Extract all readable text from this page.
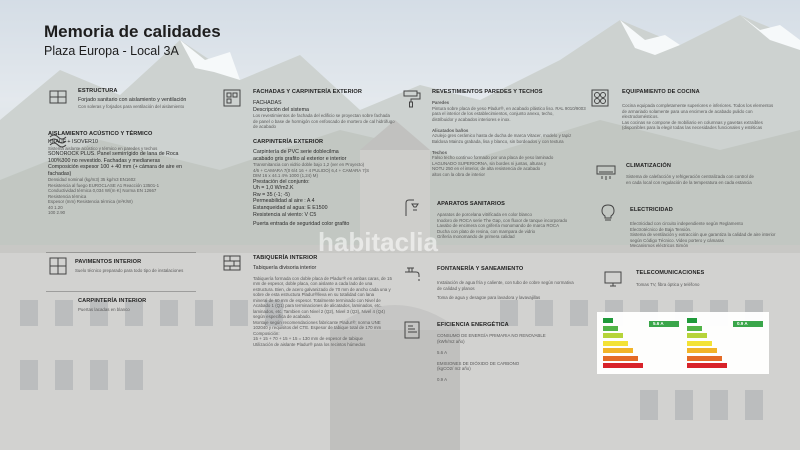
habitaclia
Memoria de calidades
Plaza Europa - Local 3A
ESTRUCTURA
Forjado sanitario con aislamiento y ventilación
Con soleras y forjados para ventilación del aislamiento
AISLAMIENTO ACÚSTICO Y TÉRMICO
KNAUF + ISOVER10
Sistema aislante acústico y térmico en paredes y techos
SONOROCK PLUS. Panel semirrígido de lana de Roca
100%300 no revestido. Fachadas y medianeras
Composición espesor 100 + 40 mm (+ cámara de aire en
fachadas)
Densidad nominal (kg/m3) 35 kg/m3 EN1602
Resistencia al fuego EUROCLASE A1 Reacción 13501-1
Conductividad térmica 0,034 W/(m·K) Norma EN 12667
Resistencia térmica
Espesor (mm) Resistencia térmica (m²K/W)
40 1.20
100 2.90
PAVIMENTOS INTERIOR
Suelo técnico preparado para todo tipo de instalaciones
CARPINTERÍA INTERIOR
Puertas lacadas en blanco
FACHADAS Y CARPINTERÍA EXTERIOR
FACHADAS
Descripción del sistema
Los revestimientos de fachada del edificio se proyectan sobre fachada
de panel o base de hormigón con enfoscado de mortero de cal hidrófugo
de acabado
CARPINTERÍA EXTERIOR
Carpintería de PVC serie doblecilma
acabado gris grafito al exterior e interior
Transmitancia con vidrio doble bajo 1,2 (ver en Proyecto)
4/6 + CAMARA 7(0 6/4 16 + 4 PULIDO) 6,4 + CAMARA 7(S
DIM 16 x 44.1 4% 1000 (1,24) M)
Prestación del conjunto:
Uh = 1,0 W/m2.K
Rw = 35 (-1; -5)
Permeabilidad al aire : A 4
Estanqueidad al agua: E E1500
Resistencia al viento: V C5
Puerta entrada de seguridad color grafito
TABIQUERÍA INTERIOR
Tabiquería divisoria interior
Tabiquería formada con doble placa de Pladur® en ambas caras, de 15
mm de espesor, doble placa, con aislante a cada lado de una
estructura. Bien, de acero galvanizado de 70 mm de ancho cada una y
sobre de esta estructura Pladur®lleva en su totalidad con lana
mineral de 60 mm de espesor. Totalmente terminado con Nivel de
Acabado 1 (Q1) para terminaciones de alicatados, laminados, etc.
laminados, etc. Tambien con Nivel 2 (Q2), Nivel 3 (Q3), Nivel 4 (Q4)
según especifica de acabado.
Montaje según recomendaciones fabricante Pladur®; norma UNE
102040 y requisitos del CTE. Espesor de tabique total de 170 mm
Composición:
15 + 15 + 70 + 15 + 15 = 130 mm de espesor de tabique
Utilización de aislante Pladur® para los recintos húmedos
REVESTIMIENTOS PAREDES Y TECHOS
Paredes
Pintura sobre placa de yeso Pladur®, en acabado plástico liso. RAL 9010/9003
para el interior de los establecimientos, conjunto anexo, techo,
distribuidor y acabados interiores e inox.

Alicatados baños
Azulejo gres cerámico hasta de ducha de marca Vitacer, modelo y tapiz
Baldosa Mainzu grabada, lisa y blanco, sin bordeados y con textura

Techos
Falso techo continuo formado por una placa de yeso laminado
LAGUNADO SUPERIORNA, sin bordes ni juntas, alturas y
NOTU 250 en el interior, de alta resistencia de acabado
altos con la obra de interior
APARATOS SANITARIOS
Aparatos de porcelana vitrificada en color blanco
Inodoro de ROCA serie The Gap, con fluxor de tanque incorporado
Lavabo de encimera con grifería monomando de marca ROCA
Ducha con plato de resina, con mampara de vidrio
Grifería monomando de primera calidad
FONTANERÍA Y SANEAMIENTO
Instalación de agua fría y caliente, con tubo de cobre según normativa
de calidad y planos
Toma de agua y desagüe para lavadora y lavavajillas
EFICIENCIA ENERGÉTICA
CONSUMO DE ENERGÍA PRIMARIA NO RENOVABLE
(kWh/m2 año)

5.6 A

EMISIONES DE DIÓXIDO DE CARBONO
(kgCO2/ m2 año)

0.9 A
EQUIPAMIENTO DE COCINA
Cocina equipada completamente superiores e inferiores. Todos los elementos
de armariado solamente para una encimera de acabado pulido con
electrodomésticos.
Las cocinas se compone de mobiliario en columnas y gavetas extraíbles
(disponibles para la elegir todas las necesidades funcionales y estéticas
CLIMATIZACIÓN
Sistema de calefacción y refrigeración centralizada con control de
en cada local con regulación de la temperatura en cada estancia
ELECTRICIDAD
Electricidad con circuito independiente según Reglamento
Electrotécnico de Baja Tensión.
Sistema de ventilación y extracción que garantiza la calidad de aire interior
según Código Técnico. Video portero y cámaras
Mecanismos eléctricos Simón
TELECOMUNICACIONES
Tomas TV, fibra óptica y teléfono
5.6 A	0.9 A
